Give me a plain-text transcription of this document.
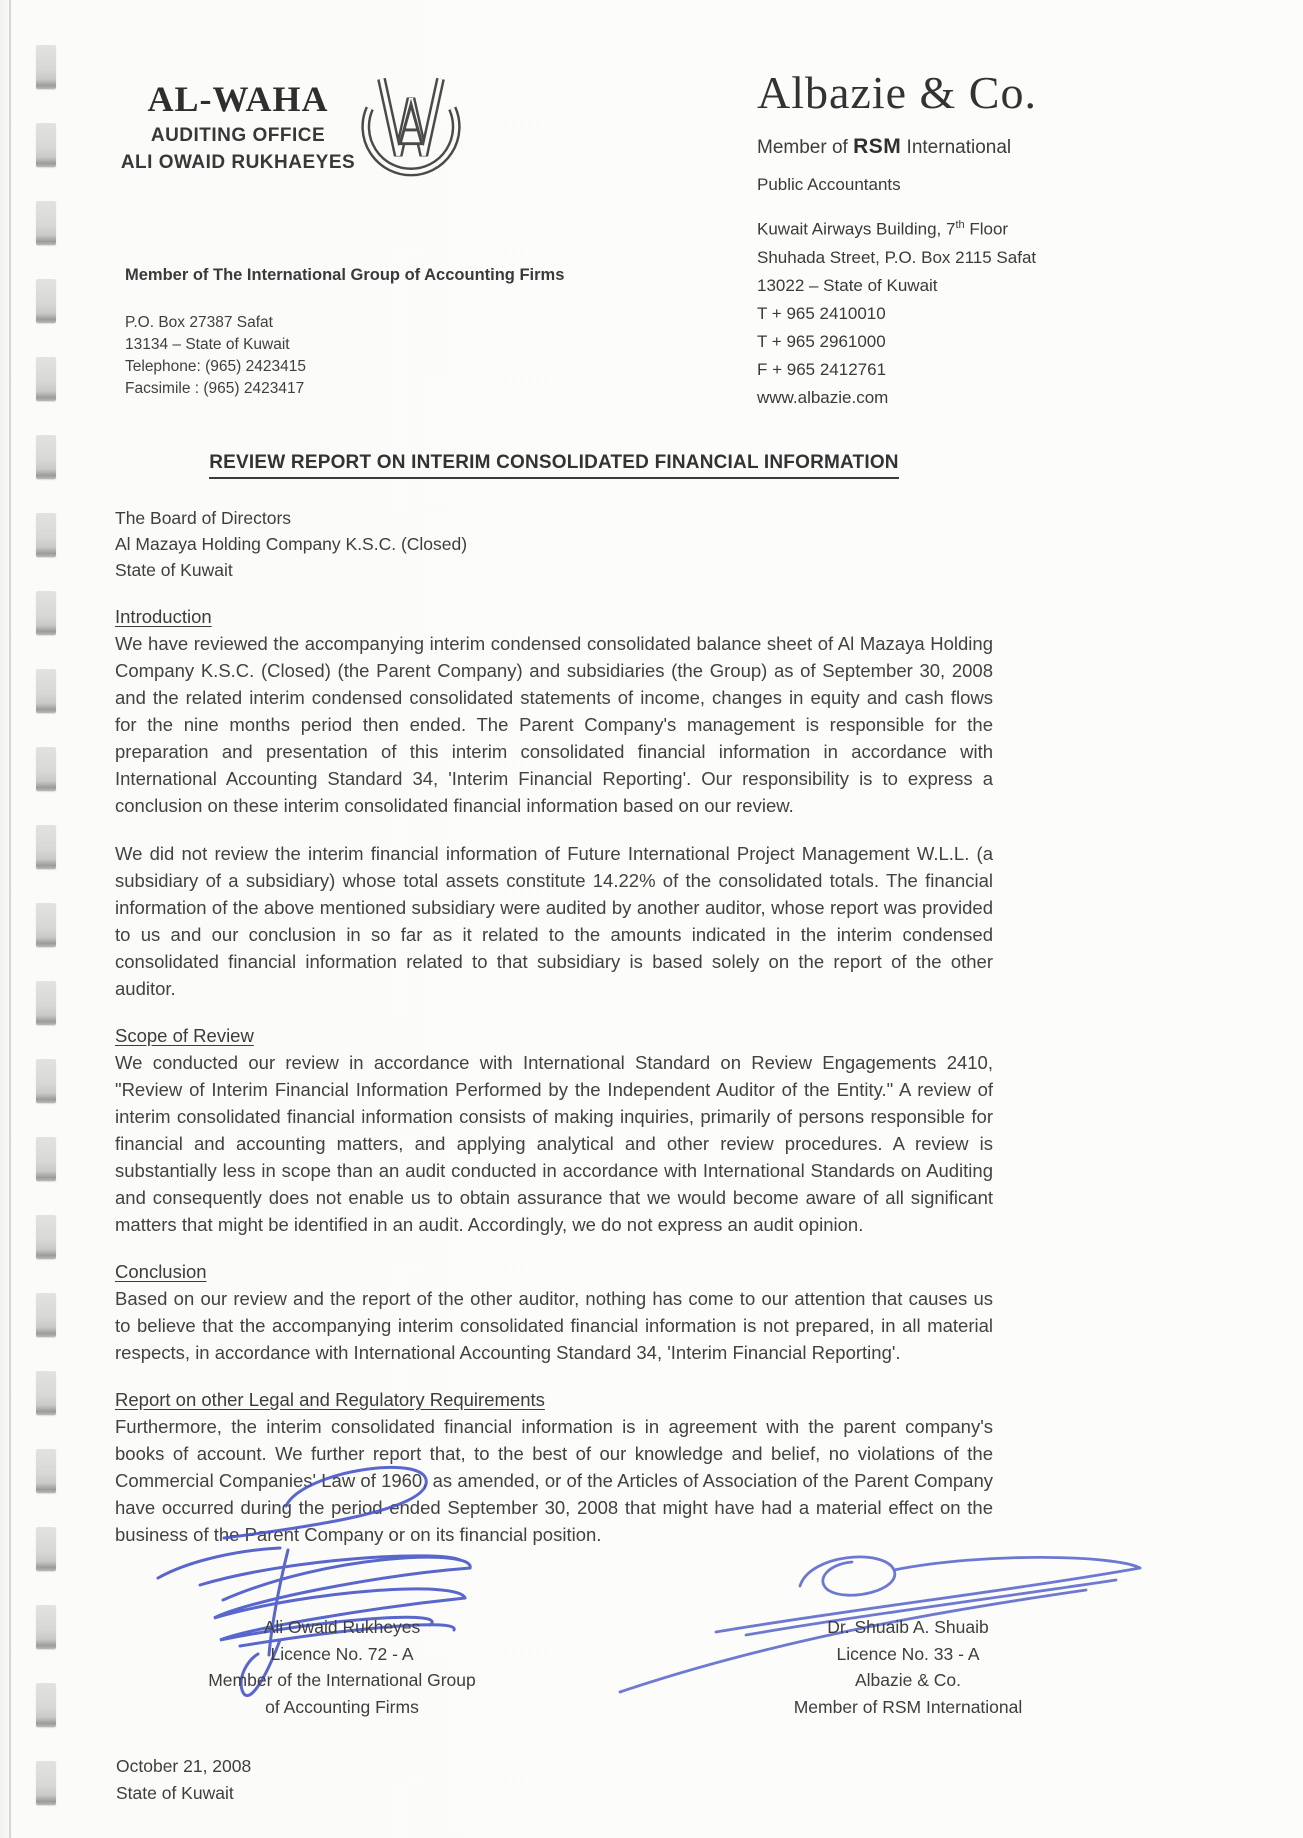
AL-WAHA
AUDITING OFFICE
ALI OWAID RUKHAEYES
Albazie & Co.
Member of RSM International
Public Accountants
Kuwait Airways Building, 7th Floor
Shuhada Street, P.O. Box 2115 Safat
13022 – State of Kuwait
T + 965 2410010
T + 965 2961000
F + 965 2412761
www.albazie.com
Member of The International Group of Accounting Firms
P.O. Box 27387 Safat
13134 – State of Kuwait
Telephone: (965) 2423415
Facsimile : (965) 2423417
REVIEW REPORT ON INTERIM CONSOLIDATED FINANCIAL INFORMATION
The Board of Directors
Al Mazaya Holding Company K.S.C. (Closed)
State of Kuwait
Introduction

We have reviewed the accompanying interim condensed consolidated balance sheet of Al Mazaya Holding Company K.S.C. (Closed) (the Parent Company) and subsidiaries (the Group) as of September 30, 2008 and the related interim condensed consolidated statements of income, changes in equity and cash flows for the nine months period then ended. The Parent Company's management is responsible for the preparation and presentation of this interim consolidated financial information in accordance with International Accounting Standard 34, 'Interim Financial Reporting'. Our responsibility is to express a conclusion on these interim consolidated financial information based on our review.

We did not review the interim financial information of Future International Project Management W.L.L. (a subsidiary of a subsidiary) whose total assets constitute 14.22% of the consolidated totals. The financial information of the above mentioned subsidiary were audited by another auditor, whose report was provided to us and our conclusion in so far as it related to the amounts indicated in the interim condensed consolidated financial information related to that subsidiary is based solely on the report of the other auditor.

Scope of Review

We conducted our review in accordance with International Standard on Review Engagements 2410, "Review of Interim Financial Information Performed by the Independent Auditor of the Entity." A review of interim consolidated financial information consists of making inquiries, primarily of persons responsible for financial and accounting matters, and applying analytical and other review procedures. A review is substantially less in scope than an audit conducted in accordance with International Standards on Auditing and consequently does not enable us to obtain assurance that we would become aware of all significant matters that might be identified in an audit. Accordingly, we do not express an audit opinion.

Conclusion

Based on our review and the report of the other auditor, nothing has come to our attention that causes us to believe that the accompanying interim consolidated financial information is not prepared, in all material respects, in accordance with International Accounting Standard 34, 'Interim Financial Reporting'.

Report on other Legal and Regulatory Requirements

Furthermore, the interim consolidated financial information is in agreement with the parent company's books of account. We further report that, to the best of our knowledge and belief, no violations of the Commercial Companies' Law of 1960, as amended, or of the Articles of Association of the Parent Company have occurred during the period ended September 30, 2008 that might have had a material effect on the business of the Parent Company or on its financial position.

Ali Owaid Rukheyes
Licence No. 72 - A
Member of the International Group
of Accounting Firms
Dr. Shuaib A. Shuaib
Licence No. 33 - A
Albazie & Co.
Member of RSM International
October 21, 2008
State of Kuwait
